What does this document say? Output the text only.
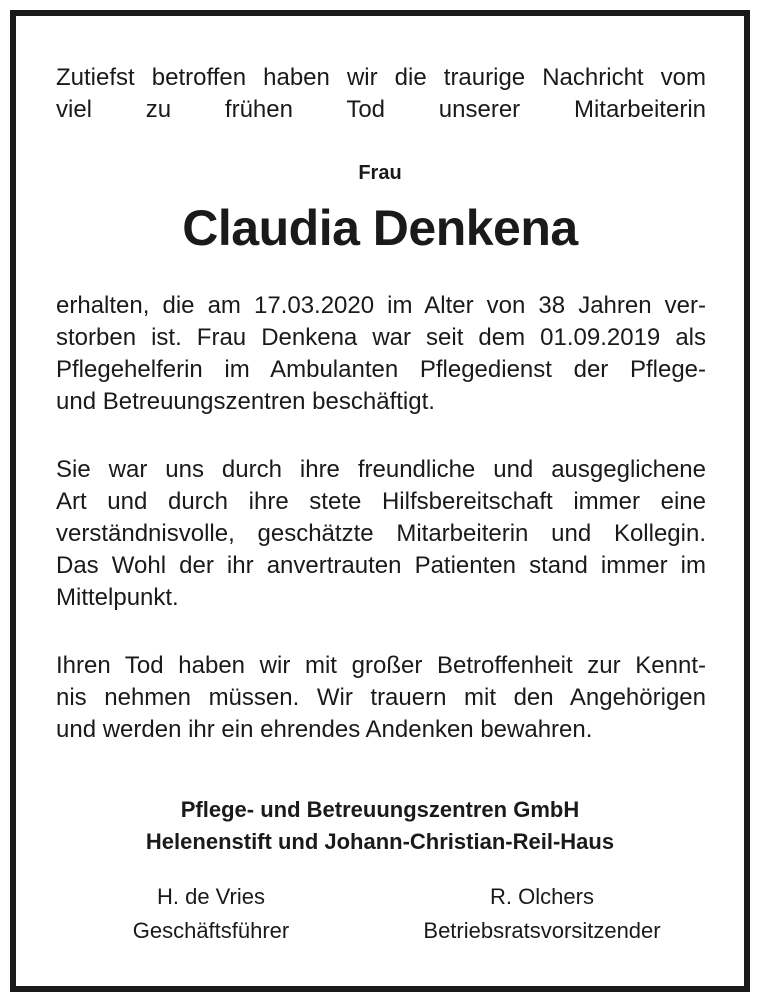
Zutiefst betroffen haben wir die traurige Nachricht vom
viel zu frühen Tod unserer Mitarbeiterin

Frau

Claudia Denkena

erhalten, die am 17.03.2020 im Alter von 38 Jahren ver-
storben ist. Frau Denkena war seit dem 01.09.2019 als
Pflegehelferin im Ambulanten Pflegedienst der Pflege-
und Betreuungszentren beschäftigt.

Sie war uns durch ihre freundliche und ausgeglichene
Art und durch ihre stete Hilfsbereitschaft immer eine
verständnisvolle, geschätzte Mitarbeiterin und Kollegin.
Das Wohl der ihr anvertrauten Patienten stand immer im
Mittelpunkt.

Ihren Tod haben wir mit großer Betroffenheit zur Kennt-
nis nehmen müssen. Wir trauern mit den Angehörigen
und werden ihr ein ehrendes Andenken bewahren.

Pflege- und Betreuungszentren GmbH

Helenenstift und Johann-Christian-Reil-Haus

H. de Vries
Geschäftsführer
R. Olchers
Betriebsratsvorsitzender
